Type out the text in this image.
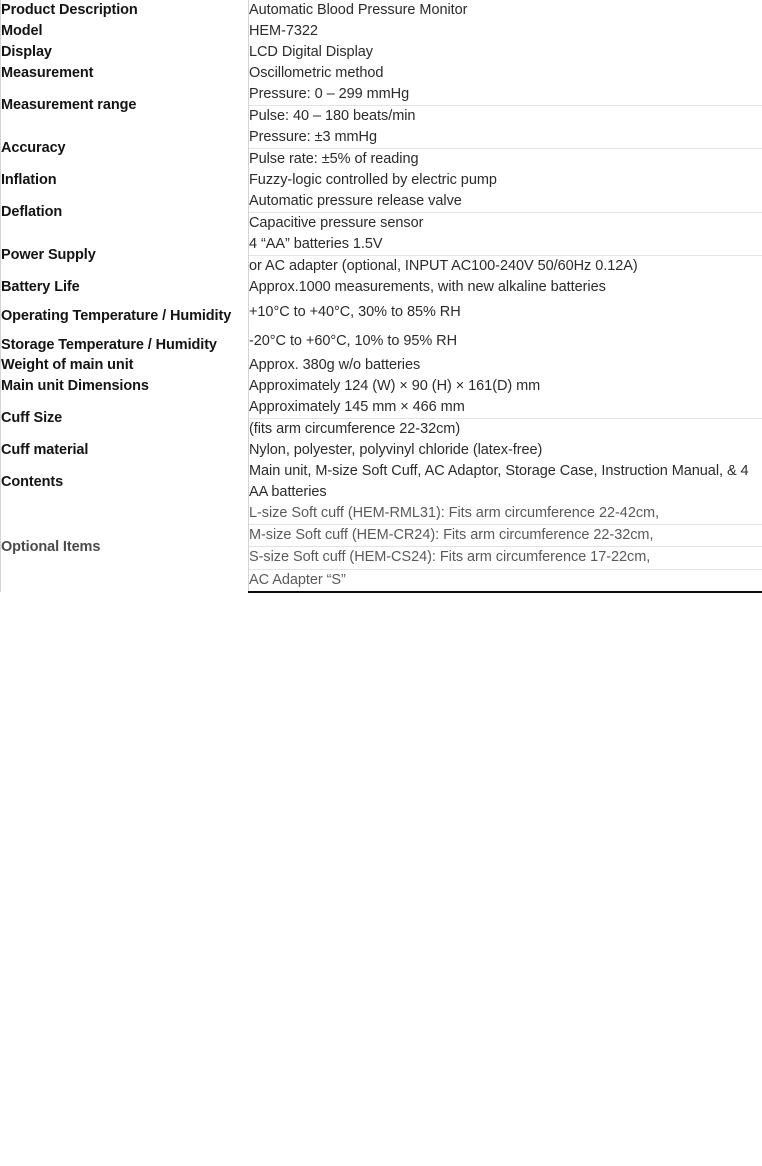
Product Description	Automatic Blood Pressure Monitor
Model	HEM-7322
Display	LCD Digital Display
Measurement	Oscillometric method
Measurement range	Pressure: 0 – 299 mmHg
	Pulse: 40 – 180 beats/min
Accuracy	Pressure: ±3 mmHg
	Pulse rate: ±5% of reading
Inflation	Fuzzy-logic controlled by electric pump
Deflation	Automatic pressure release valve
	Capacitive pressure sensor
Power Supply	4 “AA” batteries 1.5V
	or AC adapter (optional, INPUT AC100-240V 50/60Hz 0.12A)
Battery Life	Approx.1000 measurements, with new alkaline batteries
Operating Temperature / Humidity	+10°C to +40°C, 30% to 85% RH
Storage Temperature / Humidity	-20°C to +60°C, 10% to 95% RH
Weight of main unit	Approx. 380g w/o batteries
Main unit Dimensions	Approximately 124 (W) × 90 (H) × 161(D) mm
Cuff Size	Approximately 145 mm × 466 mm
	(fits arm circumference 22-32cm)
Cuff material	Nylon, polyester, polyvinyl chloride (latex-free)
Contents	Main unit, M-size Soft Cuff, AC Adaptor, Storage Case, Instruction Manual, & 4 AA batteries
Optional Items	L-size Soft cuff (HEM-RML31): Fits arm circumference 22-42cm,
	M-size Soft cuff (HEM-CR24): Fits arm circumference 22-32cm,
	S-size Soft cuff (HEM-CS24): Fits arm circumference 17-22cm,
	AC Adapter “S”
